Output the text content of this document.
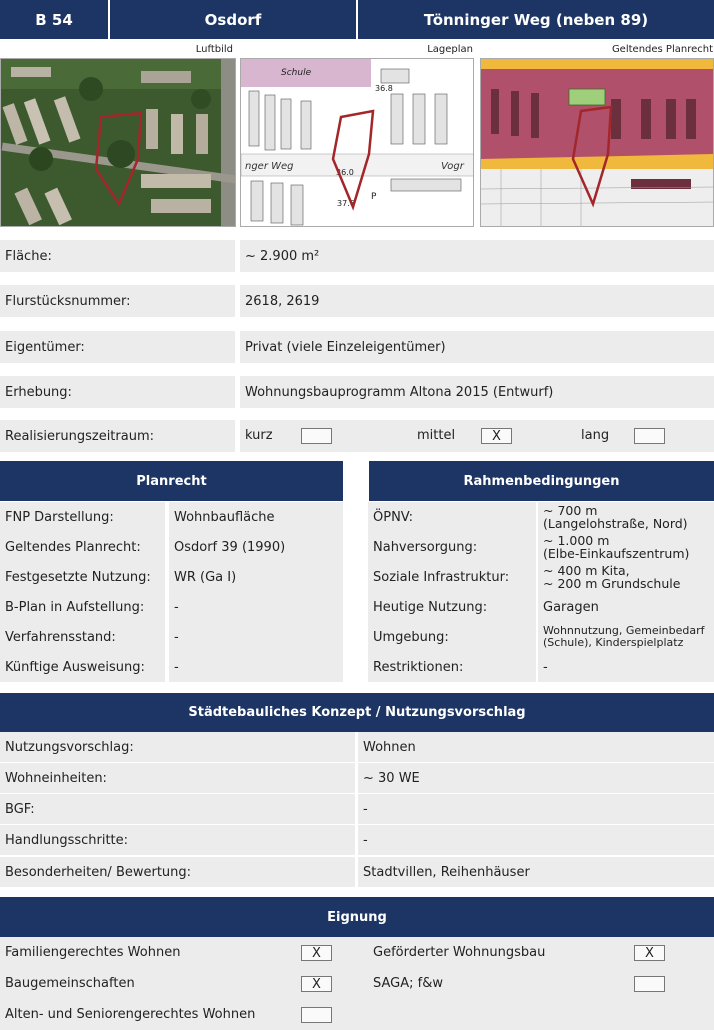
B 54	Osdorf	Tönninger Weg (neben 89)
Luftbild	Lageplan	Geltendes Planrecht
Schule
nger Weg	Vogr
36.8
36.0
37.6
P
Fläche:	~ 2.900 m²
Flurstücksnummer:	2618, 2619
Eigentümer:	Privat (viele Einzeleigentümer)
Erhebung:	Wohnungsbauprogramm Altona 2015 (Entwurf)
Realisierungszeitraum:	kurz	mittel	X	lang
Planrecht	Rahmenbedingungen
FNP Darstellung:	Wohnbaufläche
Geltendes Planrecht:	Osdorf 39 (1990)
Festgesetzte Nutzung:	WR (Ga I)
B-Plan in Aufstellung:	-
Verfahrensstand:	-
Künftige Ausweisung:	-
ÖPNV:	~ 700 m
(Langelohstraße, Nord)
Nahversorgung:	~ 1.000 m
(Elbe-Einkaufszentrum)
Soziale Infrastruktur:	~ 400 m Kita,
~ 200 m Grundschule
Heutige Nutzung:	Garagen
Umgebung:	Wohnnutzung, Gemeinbedarf
(Schule), Kinderspielplatz
Restriktionen:	-
Städtebauliches Konzept / Nutzungsvorschlag
Nutzungsvorschlag:	Wohnen
Wohneinheiten:	~ 30 WE
BGF:	-
Handlungsschritte:	-
Besonderheiten/ Bewertung:	Stadtvillen, Reihenhäuser
Eignung
Familiengerechtes Wohnen	X
Baugemeinschaften	X
Alten- und Seniorengerechtes Wohnen
Geförderter Wohnungsbau	X
SAGA; f&w
